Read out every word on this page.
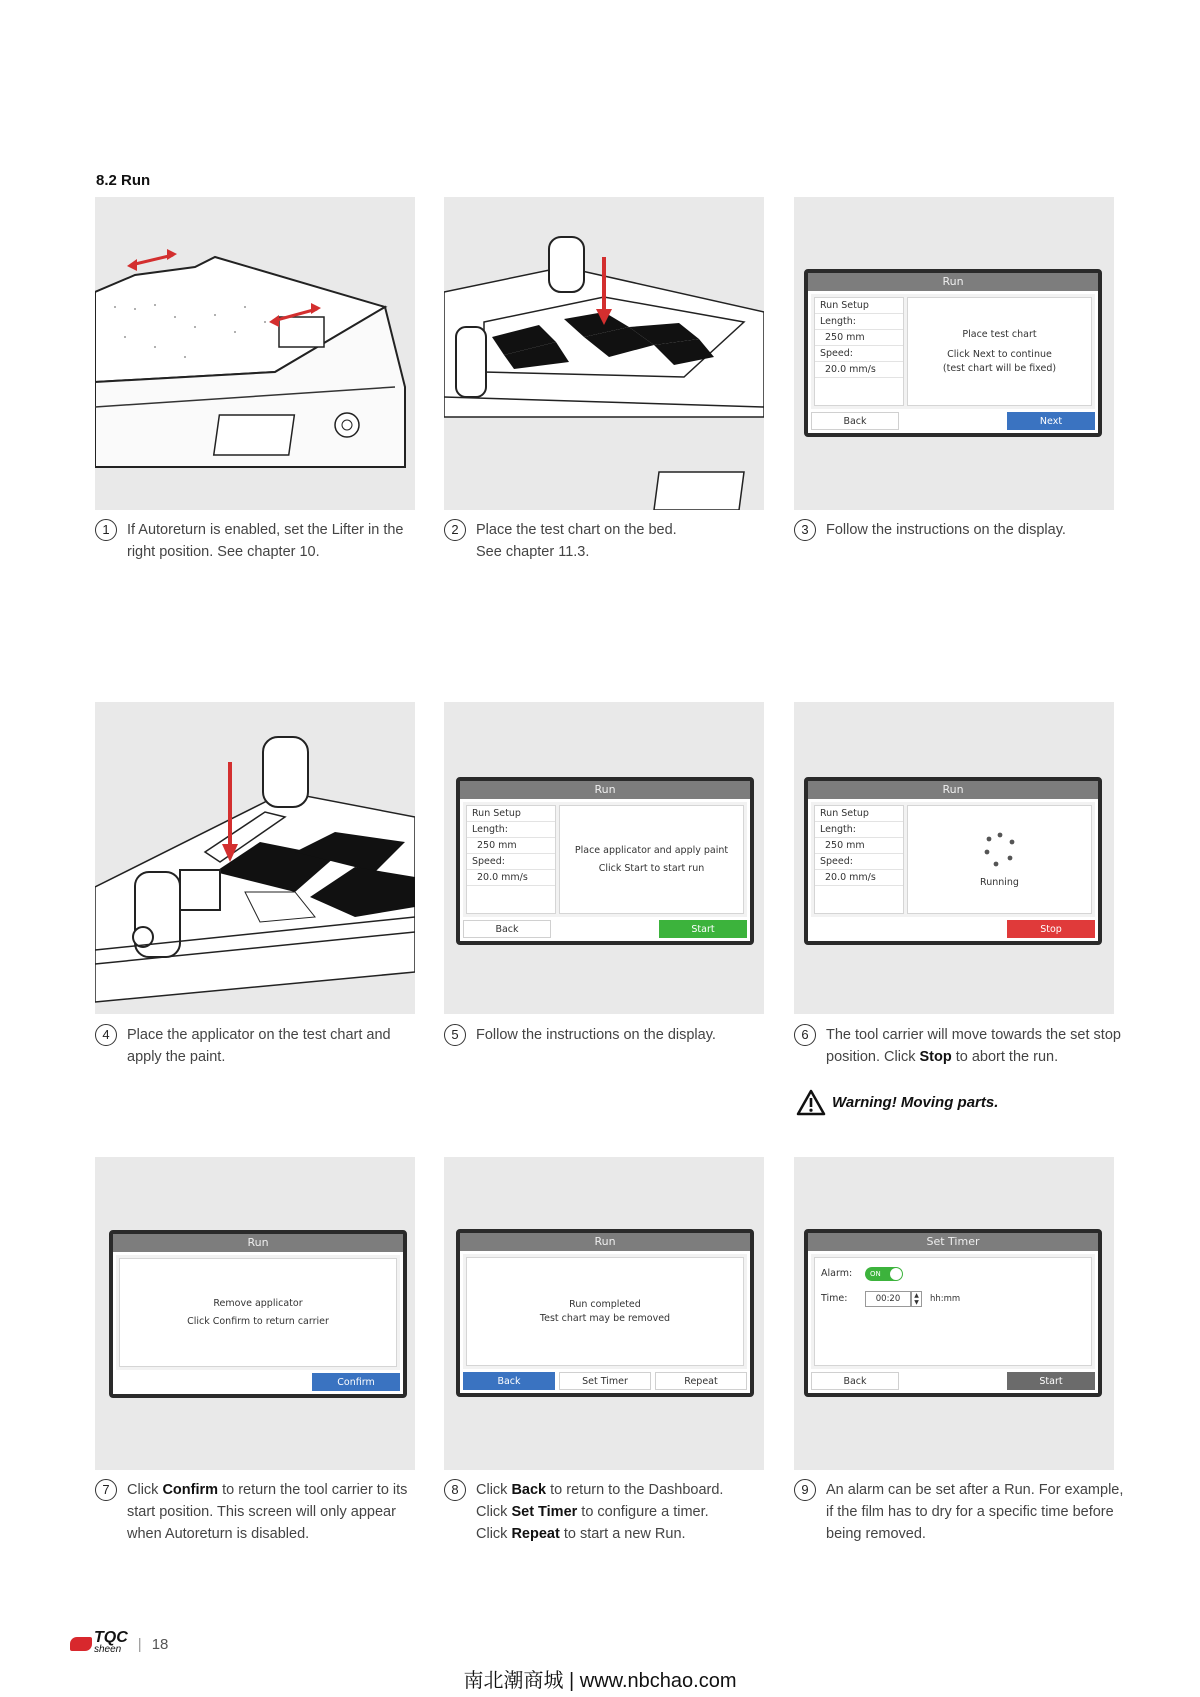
8.2 Run
Run
Run Setup
Length:
250 mm
Speed:
20.0 mm/s
Place test chart
Click Next to continue
(test chart will be fixed)
Back	Next
1	If Autoreturn is enabled, set the Lifter in the right position. See chapter 10.
2	Place the test chart on the bed. See chapter 11.3.
3	Follow the instructions on the display.
Run
Run Setup
Length:
250 mm
Speed:
20.0 mm/s
Place applicator and apply paint
Click Start to start run
Back	Start
Run
Run Setup
Length:
250 mm
Speed:
20.0 mm/s	Running
Stop
4	Place the applicator on the test chart and apply the paint.
5	Follow the instructions on the display.	6	The tool carrier will move towards the set stop position. Click Stop to abort the run.
Warning! Moving parts.
Run
Remove applicator
Click Confirm to return carrier
Confirm
Run
Run completed
Test chart may be removed
Back	Set Timer	Repeat
Set Timer
Alarm:	ON
Time:	00:20	▲
▼	hh:mm
Back	Start
7	Click Confirm to return the tool carrier to its start position. This screen will only appear when Autoreturn is disabled.
8	Click Back to return to the Dashboard.
Click Set Timer to configure a timer.
Click Repeat to start a new Run.
9	An alarm can be set after a Run. For example, if the film has to dry for a specific time before being removed.
TQC
sheen	| 18
南北潮商城 | www.nbchao.com
